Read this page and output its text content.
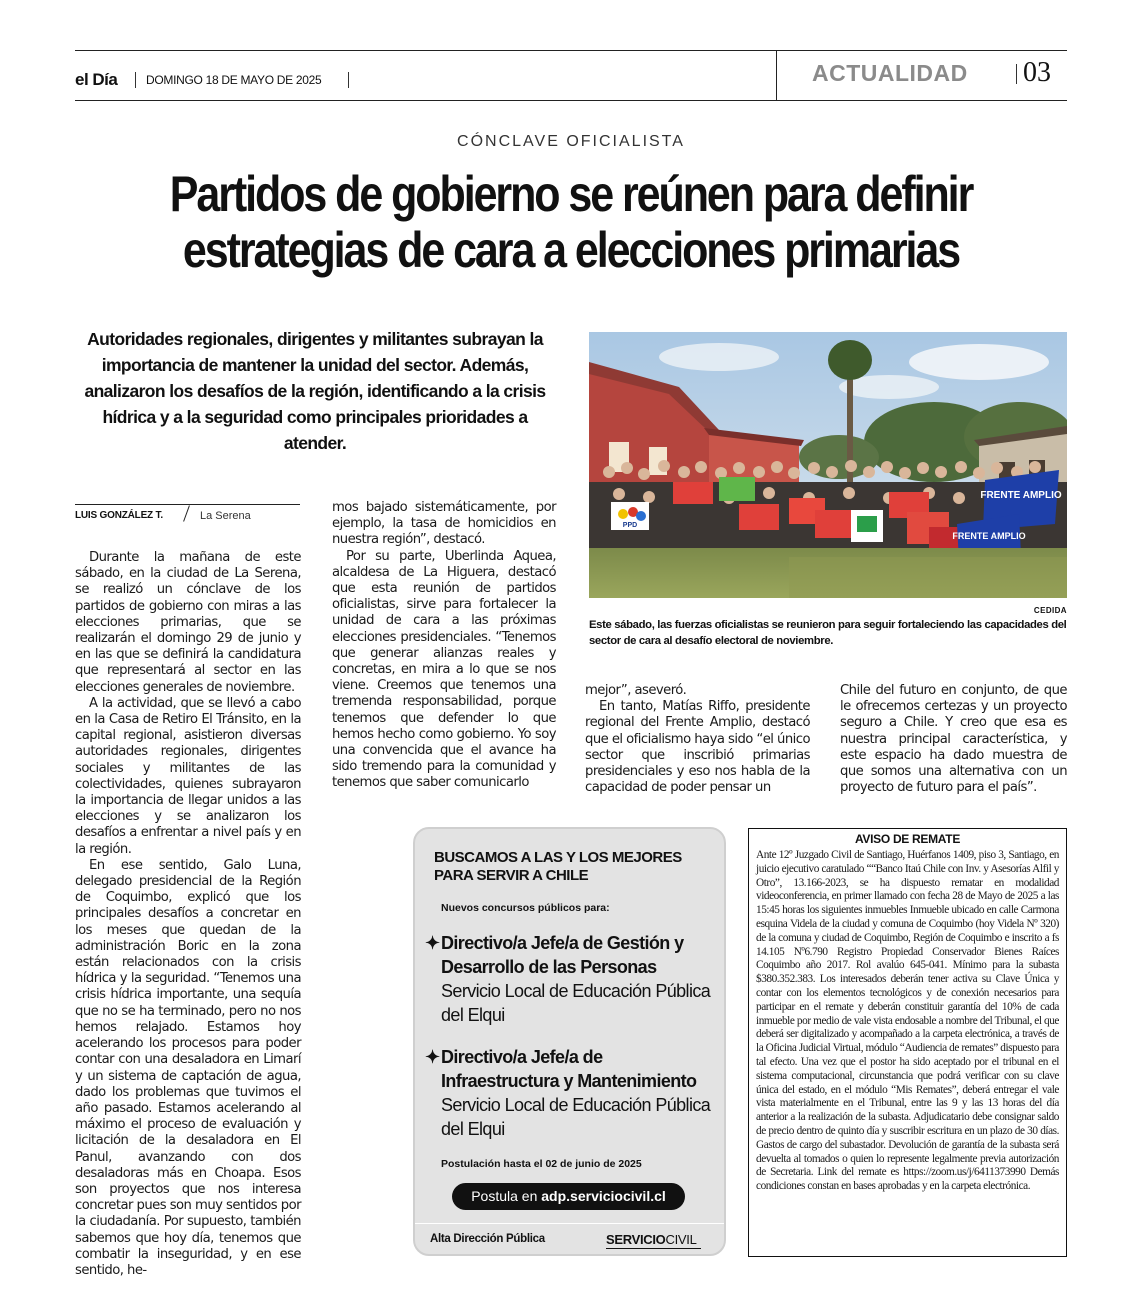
el Día DOMINGO 18 DE MAYO DE 2025	ACTUALIDAD 03
CÓNCLAVE OFICIALISTA
Partidos de gobierno se reúnen para definir estrategias de cara a elecciones primarias
Autoridades regionales, dirigentes y militantes subrayan la importancia de mantener la unidad del sector. Además, analizaron los desafíos de la región, identificando a la crisis hídrica y a la seguridad como principales prioridades a atender.
LUIS GONZÁLEZ T.	La Serena

Durante la mañana de este sábado, en la ciudad de La Serena, se realizó un cónclave de los partidos de gobierno con miras a las elecciones primarias, que se realizarán el domingo 29 de junio y en las que se definirá la candidatura que representará al sector en las elecciones generales de noviembre.

A la actividad, que se llevó a cabo en la Casa de Retiro El Tránsito, en la capital regional, asistieron diversas autoridades regionales, dirigentes sociales y militantes de las colectividades, quienes subrayaron la importancia de llegar unidos a las elecciones y se analizaron los desafíos a enfrentar a nivel país y en la región.

En ese sentido, Galo Luna, delegado presidencial de la Región de Coquimbo, explicó que los principales desafíos a concretar en los meses que quedan de la administración Boric en la zona están relacionados con la crisis hídrica y la seguridad. “Tenemos una crisis hídrica importante, una sequía que no se ha terminado, pero no nos hemos relajado. Estamos hoy acelerando los procesos para poder contar con una desaladora en Limarí y un sistema de captación de agua, dado los problemas que tuvimos el año pasado. Estamos acelerando al máximo el proceso de evaluación y licitación de la desaladora en El Panul, avanzando con dos desaladoras más en Choapa. Esos son proyectos que nos interesa concretar pues son muy sentidos por la ciudadanía. Por supuesto, también sabemos que hoy día, tenemos que combatir la inseguridad, y en ese sentido, he-

mos bajado sistemáticamente, por ejemplo, la tasa de homicidios en nuestra región”, destacó.

Por su parte, Uberlinda Aquea, alcaldesa de La Higuera, destacó que esta reunión de partidos oficialistas, sirve para fortalecer la unidad de cara a las próximas elecciones presidenciales. “Tenemos que generar alianzas reales y concretas, en mira a lo que se nos viene. Creemos que tenemos una tremenda responsabilidad, porque tenemos que defender lo que hemos hecho como gobierno. Yo soy una convencida que el avance ha sido tremendo para la comunidad y tenemos que saber comunicarlo

mejor”, aseveró.

En tanto, Matías Riffo, presidente regional del Frente Amplio, destacó que el oficialismo haya sido “el único sector que inscribió primarias presidenciales y eso nos habla de la capacidad de poder pensar un

Chile del futuro en conjunto, de que le ofrecemos certezas y un proyecto seguro a Chile. Y creo que esa es nuestra principal característica, y este espacio ha dado muestra de que somos una alternativa con un proyecto de futuro para el país”.

PPD
FRENTE AMPLIO
FRENTE AMPLIO
CEDIDA
Este sábado, las fuerzas oficialistas se reunieron para seguir fortaleciendo las capacidades del sector de cara al desafío electoral de noviembre.
BUSCAMOS A LAS Y LOS MEJORES PARA SERVIR A CHILE
Nuevos concursos públicos para:
✦ Directivo/a Jefe/a de Gestión y Desarrollo de las Personas
Servicio Local de Educación Pública del Elqui
✦ Directivo/a Jefe/a de Infraestructura y Mantenimiento
Servicio Local de Educación Pública del Elqui
Postulación hasta el 02 de junio de 2025
Postula en adp.serviciocivil.cl
Alta Dirección Pública	SERVICIOCIVIL
AVISO DE REMATE
Ante 12º Juzgado Civil de Santiago, Huérfanos 1409, piso 3, Santiago, en juicio ejecutivo caratulado ““Banco Itaú Chile con Inv. y Asesorías Alfil y Otro”, 13.166-2023, se ha dispuesto rematar en modalidad videoconferencia, en primer llamado con fecha 28 de Mayo de 2025 a las 15:45 horas los siguientes inmuebles Inmueble ubicado en calle Carmona esquina Videla de la ciudad y comuna de Coquimbo (hoy Videla Nº 320) de la comuna y ciudad de Coquimbo, Región de Coquimbo e inscrito a fs 14.105 Nº6.790 Registro Propiedad Conservador Bienes Raíces Coquimbo año 2017. Rol avalúo 645-041. Mínimo para la subasta $380.352.383. Los interesados deberán tener activa su Clave Única y contar con los elementos tecnológicos y de conexión necesarios para participar en el remate y deberán constituir garantía del 10% de cada inmueble por medio de vale vista endosable a nombre del Tribunal, el que deberá ser digitalizado y acompañado a la carpeta electrónica, a través de la Oficina Judicial Virtual, módulo “Audiencia de remates” dispuesto para tal efecto. Una vez que el postor ha sido aceptado por el tribunal en el sistema computacional, circunstancia que podrá verificar con su clave única del estado, en el módulo “Mis Remates”, deberá entregar el vale vista materialmente en el Tribunal, entre las 9 y las 13 horas del día anterior a la realización de la subasta. Adjudicatario debe consignar saldo de precio dentro de quinto día y suscribir escritura en un plazo de 30 días. Gastos de cargo del subastador. Devolución de garantía de la subasta será devuelta al tomados o quien lo represente legalmente previa autorización de Secretaria. Link del remate es https://zoom.us/j/6411373990 Demás condiciones constan en bases aprobadas y en la carpeta electrónica.
